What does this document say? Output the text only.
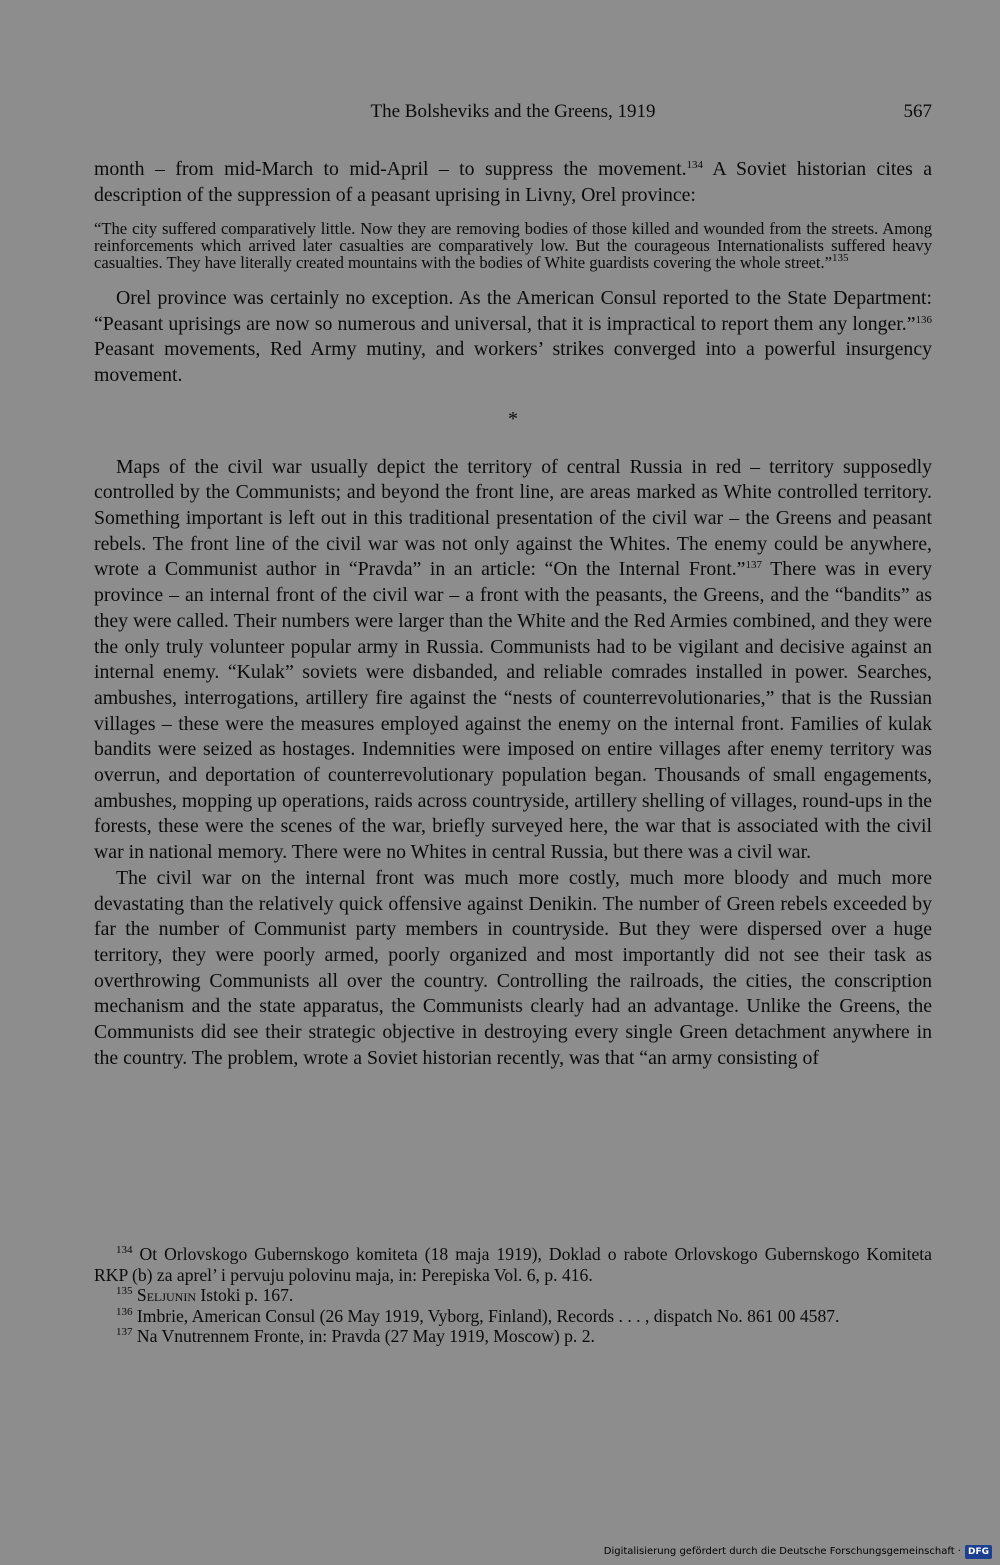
The Bolsheviks and the Greens, 1919	567

month – from mid-March to mid-April – to suppress the movement.$^{134}$ A Soviet historian cites a description of the suppression of a peasant uprising in Livny, Orel province:

“The city suffered comparatively little. Now they are removing bodies of those killed and wounded from the streets. Among reinforcements which arrived later casualties are comparatively low. But the courageous Internationalists suffered heavy casualties. They have literally created mountains with the bodies of White guardists covering the whole street.”$^{135}$

Orel province was certainly no exception. As the American Consul reported to the State Department: “Peasant uprisings are now so numerous and universal, that it is impractical to report them any longer.”$^{136}$ Peasant movements, Red Army mutiny, and workers’ strikes converged into a powerful insurgency movement.

*

Maps of the civil war usually depict the territory of central Russia in red – territory supposedly controlled by the Communists; and beyond the front line, are areas marked as White controlled territory. Something important is left out in this traditional presentation of the civil war – the Greens and peasant rebels. The front line of the civil war was not only against the Whites. The enemy could be anywhere, wrote a Communist author in “Pravda” in an article: “On the Internal Front.”$^{137}$ There was in every province – an internal front of the civil war – a front with the peasants, the Greens, and the “bandits” as they were called. Their numbers were larger than the White and the Red Armies combined, and they were the only truly volunteer popular army in Russia. Communists had to be vigilant and decisive against an internal enemy. “Kulak” soviets were disbanded, and reliable comrades installed in power. Searches, ambushes, interrogations, artillery fire against the “nests of counterrevolutionaries,” that is the Russian villages – these were the measures employed against the enemy on the internal front. Families of kulak bandits were seized as hostages. Indemnities were imposed on entire villages after enemy territory was overrun, and deportation of counterrevolutionary population began. Thousands of small engagements, ambushes, mopping up operations, raids across countryside, artillery shelling of villages, round-ups in the forests, these were the scenes of the war, briefly surveyed here, the war that is associated with the civil war in national memory. There were no Whites in central Russia, but there was a civil war.

The civil war on the internal front was much more costly, much more bloody and much more devastating than the relatively quick offensive against Denikin. The number of Green rebels exceeded by far the number of Communist party members in countryside. But they were dispersed over a huge territory, they were poorly armed, poorly organized and most importantly did not see their task as overthrowing Communists all over the country. Controlling the railroads, the cities, the conscription mechanism and the state apparatus, the Communists clearly had an advantage. Unlike the Greens, the Communists did see their strategic objective in destroying every single Green detachment anywhere in the country. The problem, wrote a Soviet historian recently, was that “an army consisting of

$^{134}$ Ot Orlovskogo Gubernskogo komiteta (18 maja 1919), Doklad o rabote Orlovskogo Gubernskogo Komiteta RKP (b) za aprel’ i pervuju polovinu maja, in: Perepiska Vol. 6, p. 416.
$^{135}$ Seljunin Istoki p. 167.
$^{136}$ Imbrie, American Consul (26 May 1919, Vyborg, Finland), Records . . . , dispatch No. 861 00 4587.
$^{137}$ Na Vnutrennem Fronte, in: Pravda (27 May 1919, Moscow) p. 2.
Digitalisierung gefördert durch die Deutsche Forschungsgemeinschaft · DFG
